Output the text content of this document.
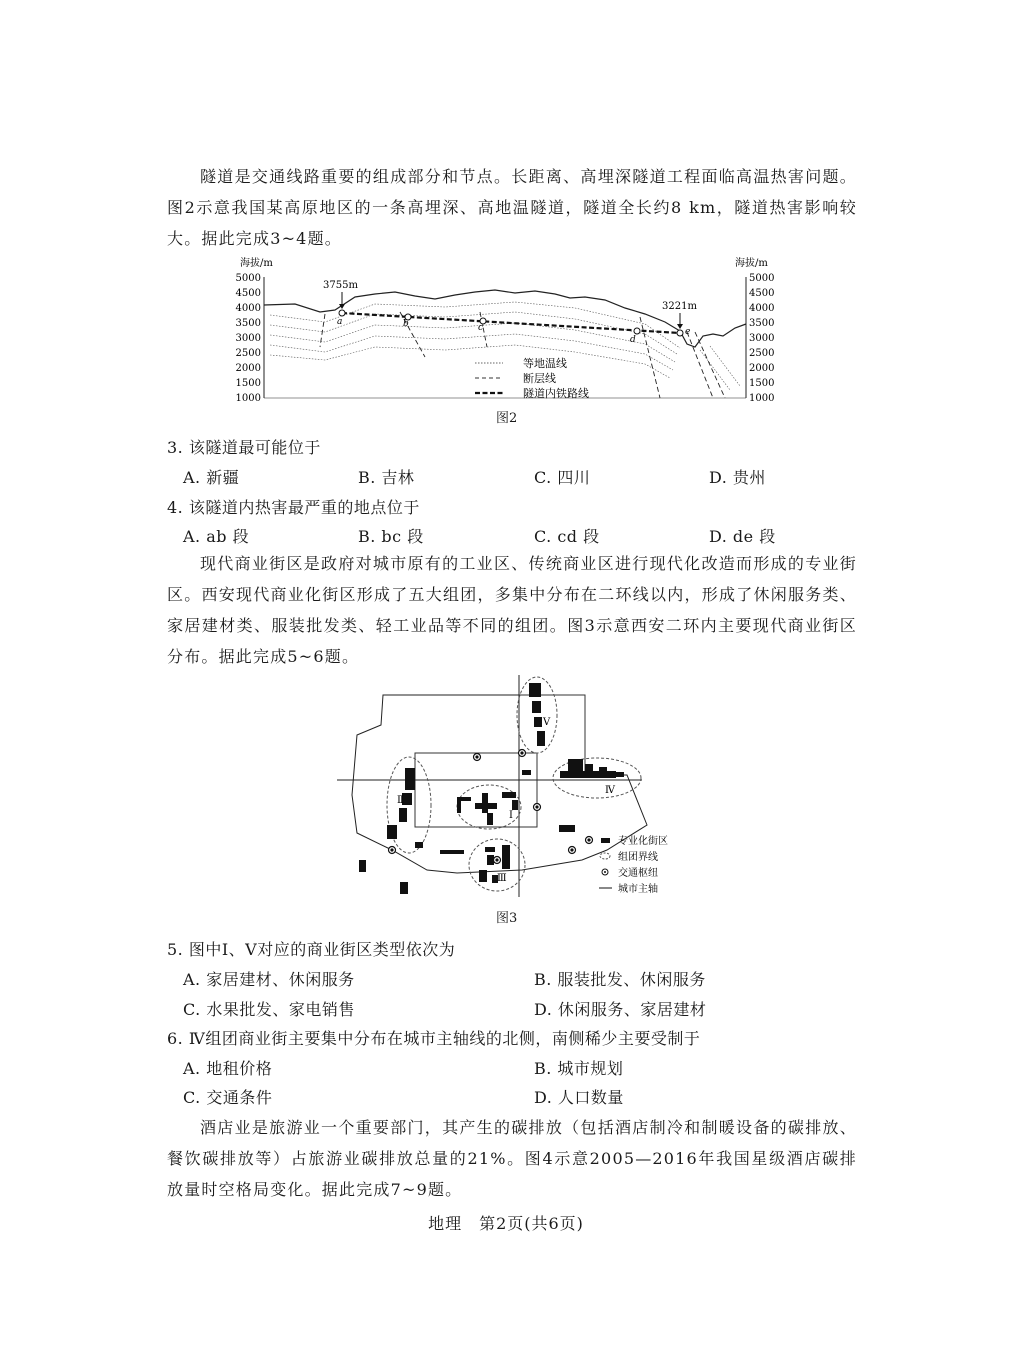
隧道是交通线路重要的组成部分和节点。长距离、高埋深隧道工程面临高温热害问题。图2示意我国某高原地区的一条高埋深、高地温隧道，隧道全长约8 km，隧道热害影响较大。据此完成3~4题。

海拔/m	海拔/m
5000
4500
4000
3500
3000
2500
2000
1500
1000
5000
4500
4000
3500
3000
2500
2000
1500
1000
a	b	c
d
e
3755m
3221m
等地温线
断层线
隧道内铁路线
图2
3. 该隧道最可能位于
A. 新疆	B. 吉林	C. 四川	D. 贵州
4. 该隧道内热害最严重的地点位于
A. ab 段	B. bc 段	C. cd 段	D. de 段

现代商业街区是政府对城市原有的工业区、传统商业区进行现代化改造而形成的专业街区。西安现代商业化街区形成了五大组团，多集中分布在二环线以内，形成了休闲服务类、家居建材类、服装批发类、轻工业品等不同的组团。图3示意西安二环内主要现代商业街区分布。据此完成5~6题。

Ⅰ
Ⅱ
Ⅲ
Ⅳ
Ⅴ
专业化街区
组团界线
交通枢纽
城市主轴
图3
5. 图中Ⅰ、Ⅴ对应的商业街区类型依次为
A. 家居建材、休闲服务	B. 服装批发、休闲服务
C. 水果批发、家电销售	D. 休闲服务、家居建材
6. Ⅳ组团商业街主要集中分布在城市主轴线的北侧，南侧稀少主要受制于
A. 地租价格	B. 城市规划
C. 交通条件	D. 人口数量

酒店业是旅游业一个重要部门，其产生的碳排放（包括酒店制冷和制暖设备的碳排放、餐饮碳排放等）占旅游业碳排放总量的21%。图4示意2005—2016年我国星级酒店碳排放量时空格局变化。据此完成7~9题。

地理　第2页(共6页)
